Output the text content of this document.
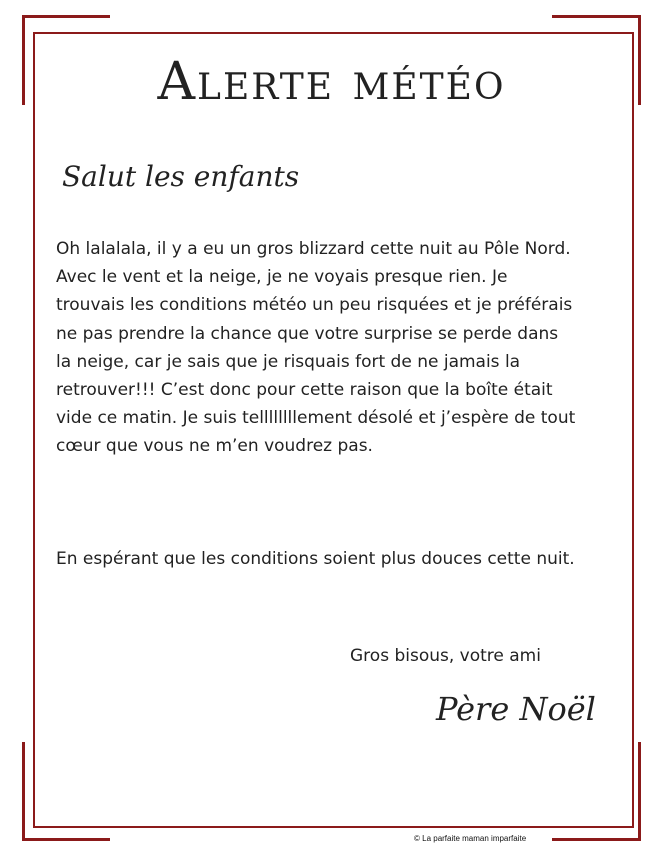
Alerte météo
Salut les enfants
Oh lalalala, il y a eu un gros blizzard cette nuit au Pôle Nord. Avec le vent et la neige, je ne voyais presque rien. Je trouvais les conditions météo un peu risquées et je préférais ne pas prendre la chance que votre surprise se perde dans la neige, car je sais que je risquais fort de ne jamais la retrouver!!! C’est donc pour cette raison que la boîte était vide ce matin. Je suis tellllllllement désolé et j’espère de tout cœur que vous ne m’en voudrez pas.
En espérant que les conditions soient plus douces cette nuit.
Gros bisous, votre ami
Père Noël
© La parfaite maman imparfaite
